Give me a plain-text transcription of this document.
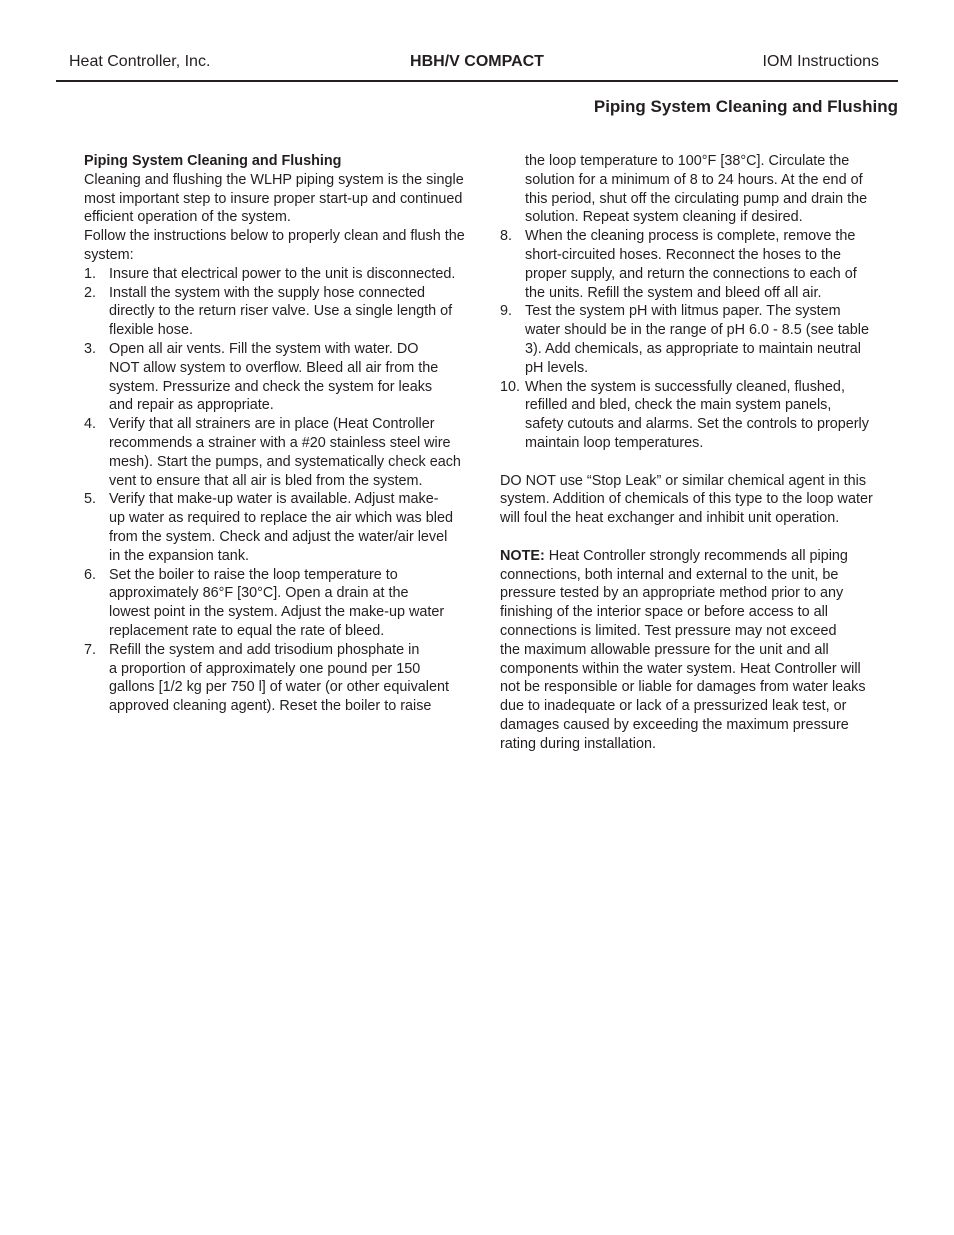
Heat Controller, Inc.	HBH/V COMPACT	IOM Instructions
Piping System Cleaning and Flushing

Piping System Cleaning and Flushing

Cleaning and flushing the WLHP piping system is the single most important step to insure proper start-up and continued efficient operation of the system.

Follow the instructions below to properly clean and flush the system:

1. Insure that electrical power to the unit is disconnected.
2. Install the system with the supply hose connected
directly to the return riser valve. Use a single length of
flexible hose.
3. Open all air vents. Fill the system with water. DO
NOT allow system to overflow. Bleed all air from the
system. Pressurize and check the system for leaks
and repair as appropriate.
4. Verify that all strainers are in place (Heat Controller
recommends a strainer with a #20 stainless steel wire
mesh). Start the pumps, and systematically check each
vent to ensure that all air is bled from the system.
5. Verify that make-up water is available. Adjust make-
up water as required to replace the air which was bled
from the system. Check and adjust the water/air level
in the expansion tank.
6. Set the boiler to raise the loop temperature to
approximately 86°F [30°C]. Open a drain at the
lowest point in the system. Adjust the make-up water
replacement rate to equal the rate of bleed.
7. Refill the system and add trisodium phosphate in
a proportion of approximately one pound per 150
gallons [1/2 kg per 750 l] of water (or other equivalent
approved cleaning agent). Reset the boiler to raise
the loop temperature to 100°F [38°C]. Circulate the
solution for a minimum of 8 to 24 hours. At the end of
this period, shut off the circulating pump and drain the
solution. Repeat system cleaning if desired.
8. When the cleaning process is complete, remove the
short-circuited hoses. Reconnect the hoses to the
proper supply, and return the connections to each of
the units. Refill the system and bleed off all air.
9. Test the system pH with litmus paper. The system
water should be in the range of pH 6.0 - 8.5 (see table
3). Add chemicals, as appropriate to maintain neutral
pH levels.
10. When the system is successfully cleaned, flushed,
refilled and bled, check the main system panels,
safety cutouts and alarms. Set the controls to properly
maintain loop temperatures.
DO NOT use “Stop Leak” or similar chemical agent in this
system. Addition of chemicals of this type to the loop water
will foul the heat exchanger and inhibit unit operation.
NOTE: Heat Controller strongly recommends all piping
connections, both internal and external to the unit, be
pressure tested by an appropriate method prior to any
finishing of the interior space or before access to all
connections is limited. Test pressure may not exceed
the maximum allowable pressure for the unit and all
components within the water system. Heat Controller will
not be responsible or liable for damages from water leaks
due to inadequate or lack of a pressurized leak test, or
damages caused by exceeding the maximum pressure
rating during installation.
